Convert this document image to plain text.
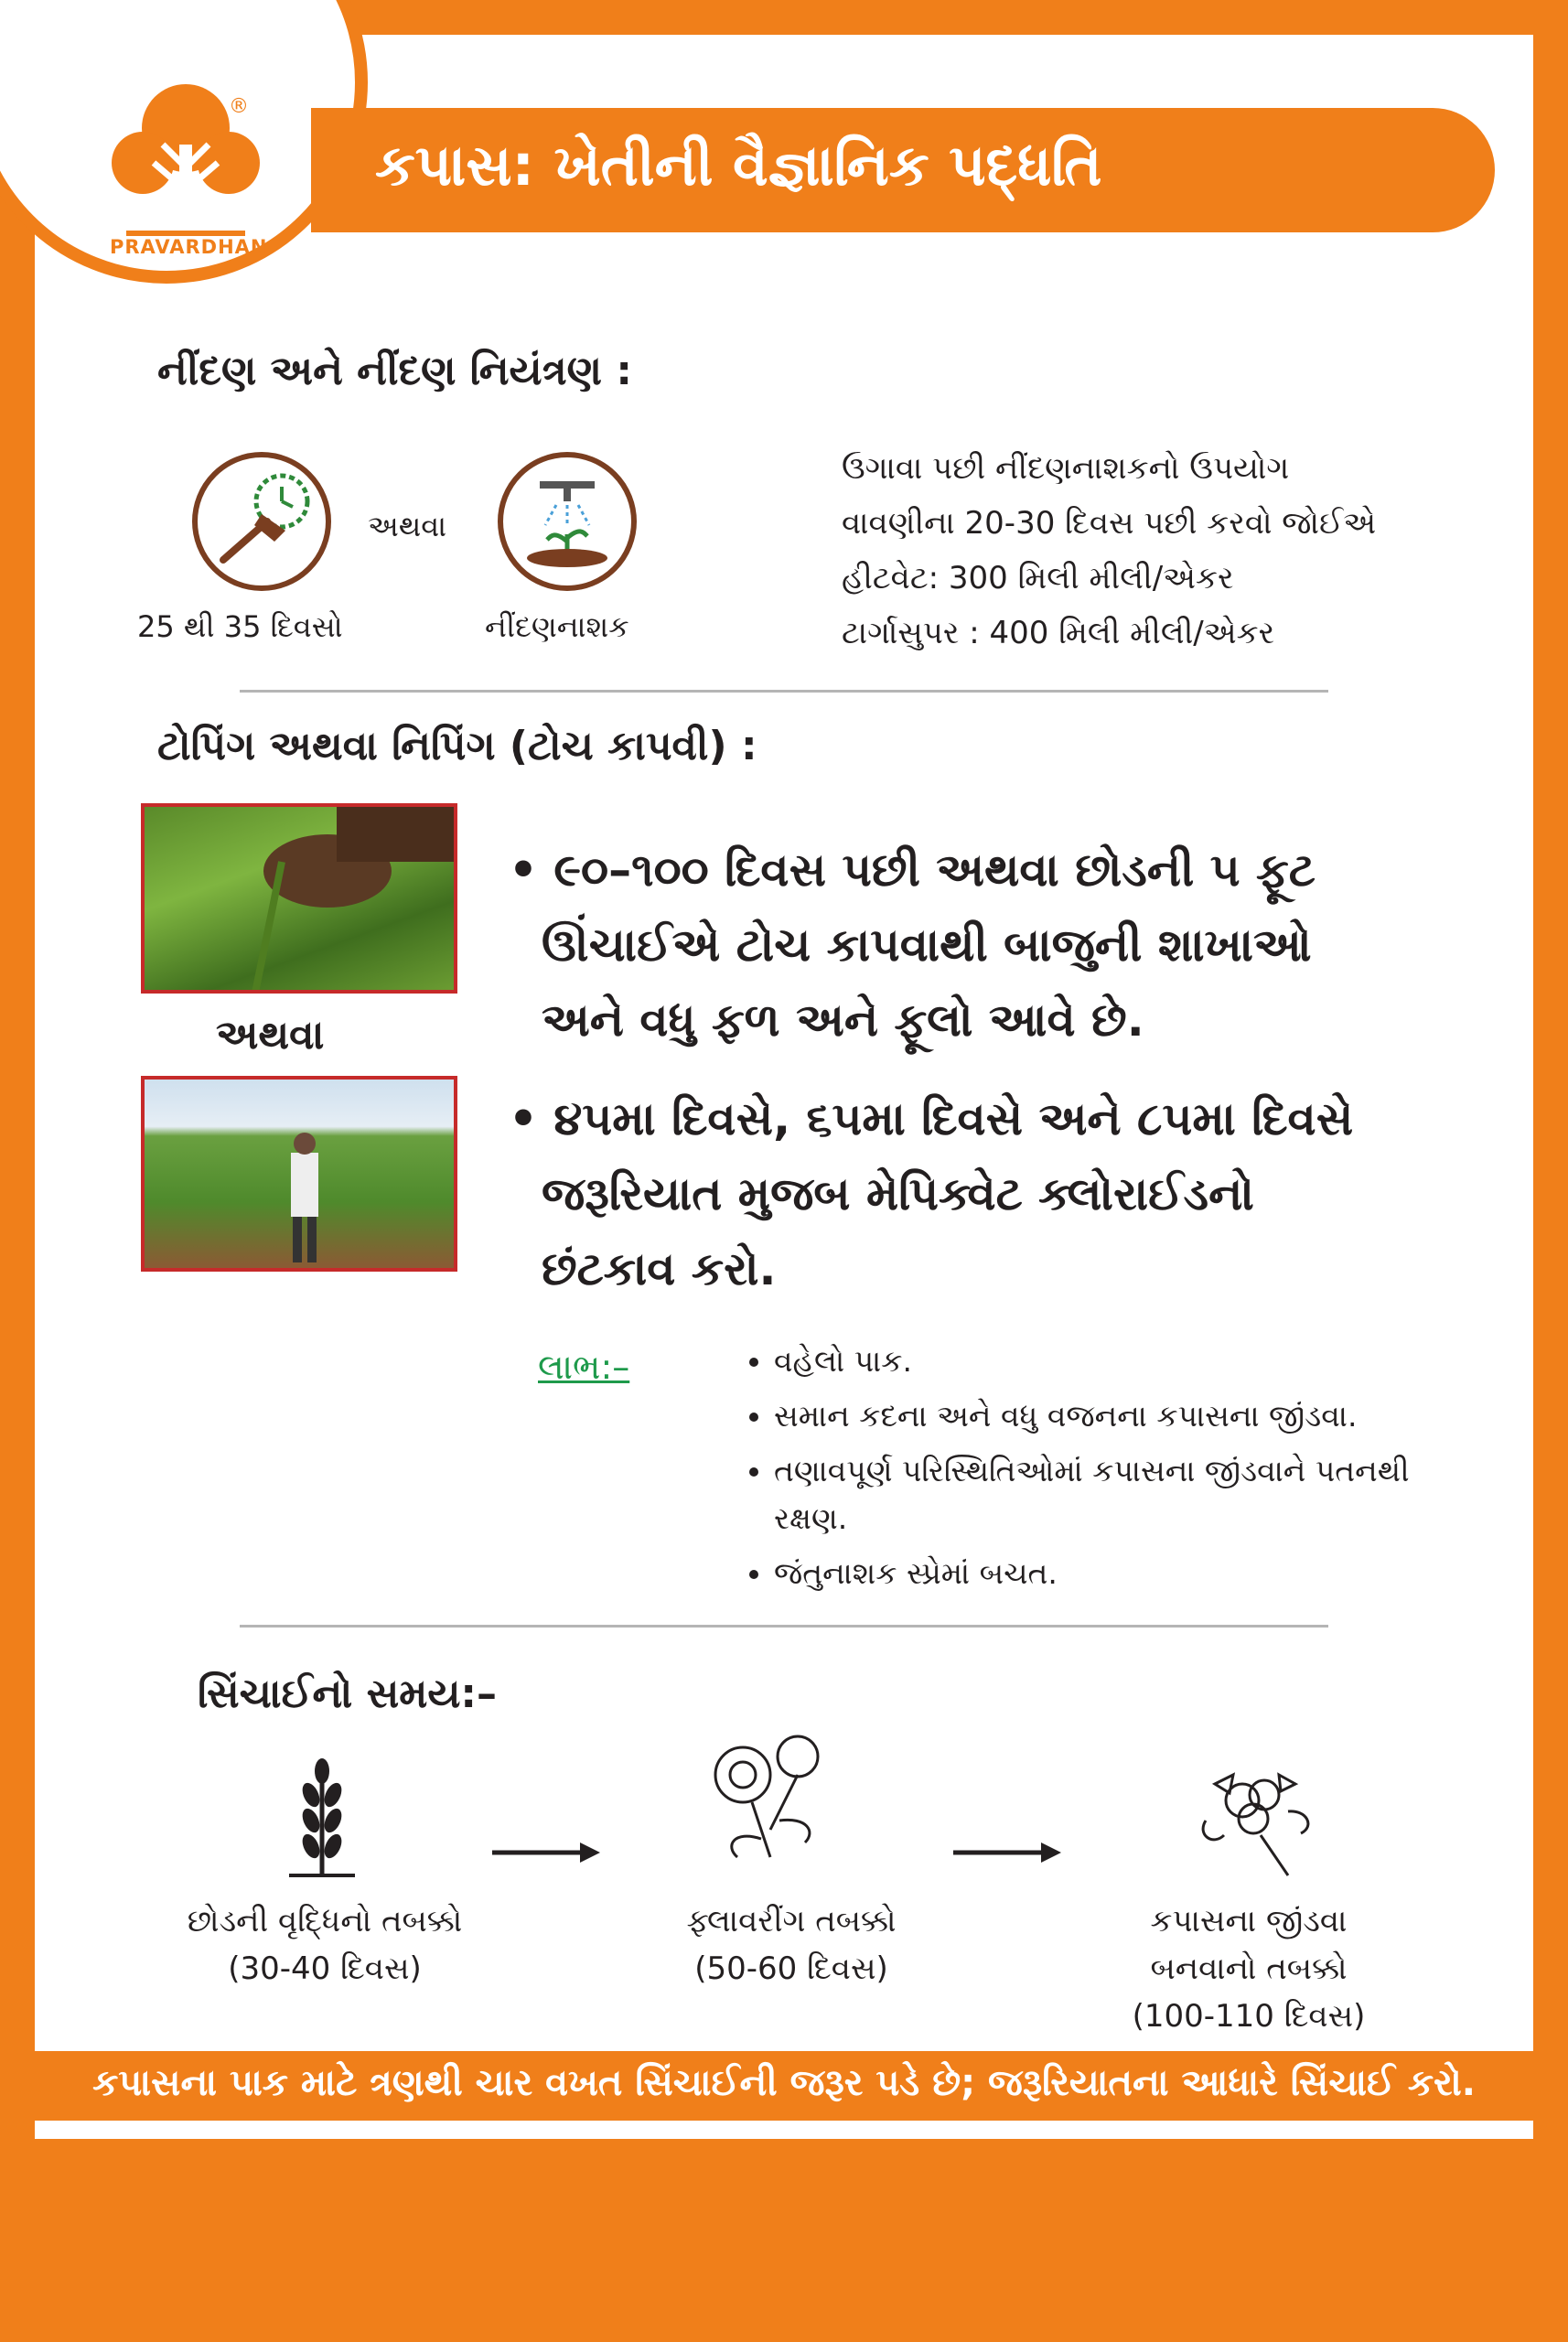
®
PRAVARDHAN
કપાસ: ખેતીની વૈજ્ઞાનિક પદ્ધતિ
નીંદણ અને નીંદણ નિયંત્રણ :
અથવા
25 થી 35 દિવસો	નીંદણનાશક
ઉગાવા પછી નીંદણનાશકનો ઉપયોગ
વાવણીના 20-30 દિવસ પછી કરવો જોઈએ
હીટવેટ: 300 મિલી મીલી/એકર
ટાર્ગાસુપર : 400 મિલી મીલી/એકર
ટોપિંગ અથવા નિપિંગ (ટોચ કાપવી) :
અથવા
• ૯૦–૧૦૦ દિવસ પછી અથવા છોડની ૫ ફૂટ
ઊંચાઈએ ટોચ કાપવાથી બાજુની શાખાઓ
અને વધુ ફળ અને ફૂલો આવે છે.
• ૪૫મા દિવસે, ૬૫મા દિવસે અને ૮૫મા દિવસે
જરૂરિયાત મુજબ મેપિક્વેટ ક્લોરાઈડનો
છંટકાવ કરો.
લાભ:–
•	વહેલો પાક.
• સમાન કદના અને વધુ વજનના કપાસના જીંડવા.
• તણાવપૂર્ણ પરિસ્થિતિઓમાં કપાસના જીંડવાને પતનથી રક્ષણ.
• જંતુનાશક સ્પ્રેમાં બચત.
સિંચાઈનો સમય:–
છોડની વૃદ્ધિનો તબક્કો
(30-40 દિવસ)
ફ્લાવરીંગ તબક્કો
(50-60 દિવસ)
કપાસના જીંડવા
બનવાનો તબક્કો
(100-110 દિવસ)
કપાસના પાક માટે ત્રણથી ચાર વખત સિંચાઈની જરૂર પડે છે; જરૂરિયાતના આધારે સિંચાઈ કરો.
